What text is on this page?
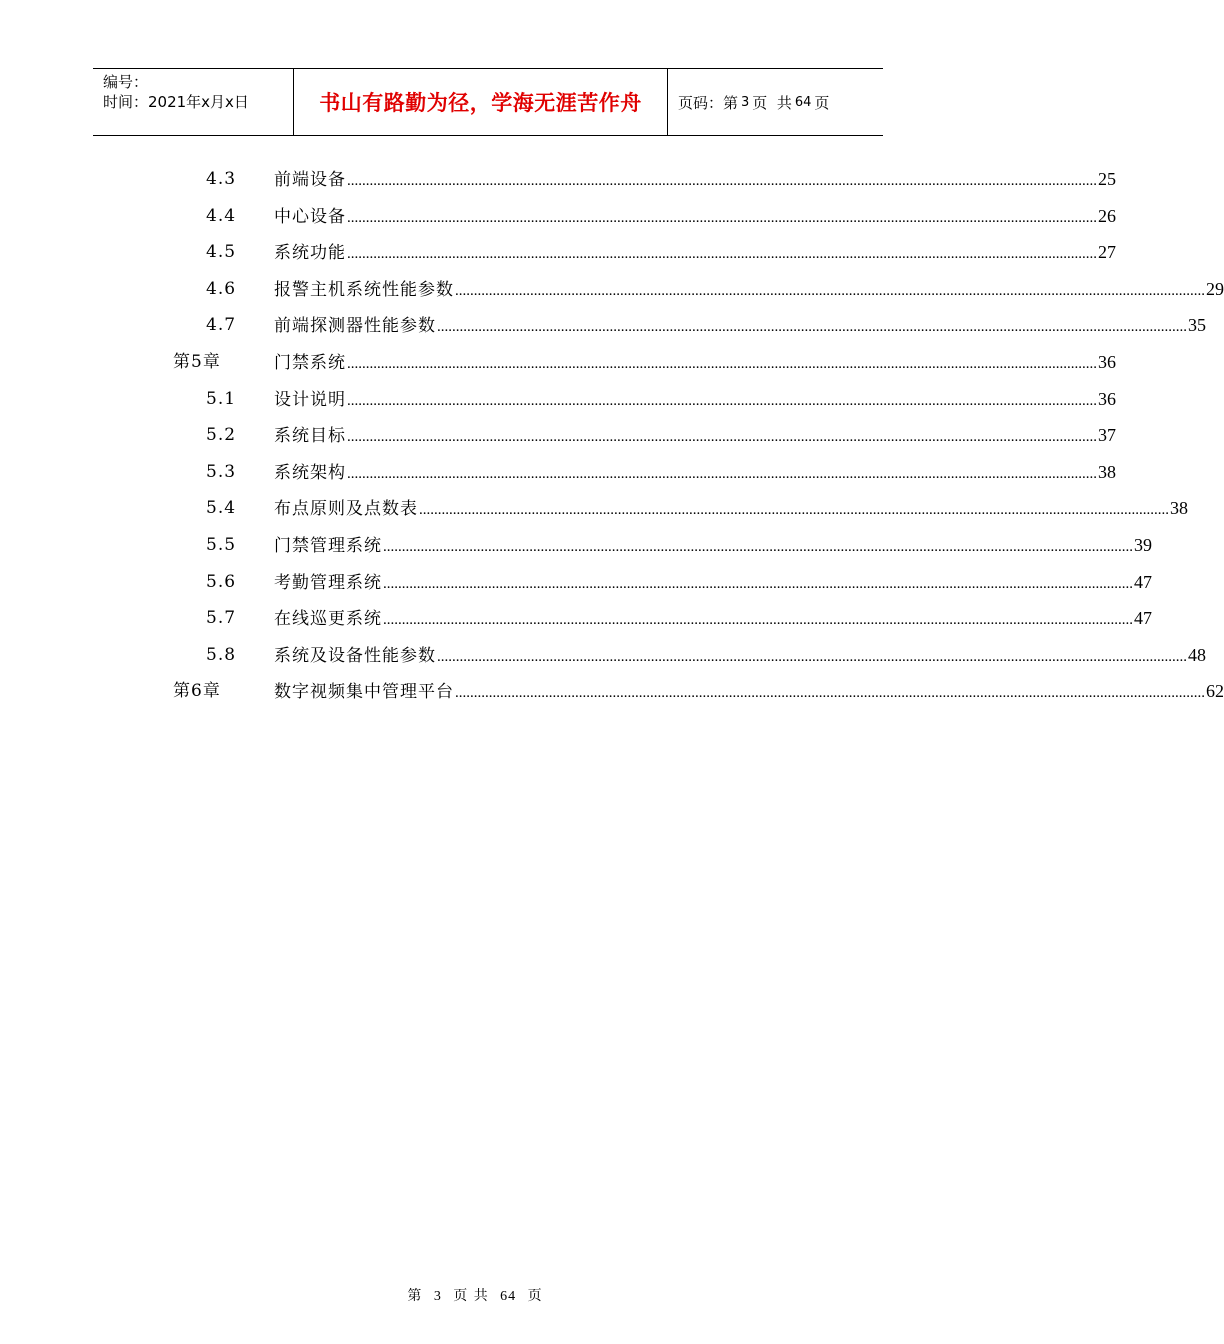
编号：
时间：2021年x月x日	书山有路勤为径，学海无涯苦作舟	页码：第 3 页  共 64 页
4.3 前端设备 ........................................................................................................................................................................................................ 25
4.4 中心设备 ........................................................................................................................................................................................................ 26
4.5 系统功能 ........................................................................................................................................................................................................ 27
4.6 报警主机系统性能参数 ........................................................................................................................................................................................................ 29
4.7 前端探测器性能参数 ........................................................................................................................................................................................................ 35
第5章	门禁系统 ........................................................................................................................................................................................................ 36
5.1 设计说明 ........................................................................................................................................................................................................ 36
5.2 系统目标 ........................................................................................................................................................................................................ 37
5.3 系统架构 ........................................................................................................................................................................................................ 38
5.4 布点原则及点数表 ........................................................................................................................................................................................................ 38
5.5 门禁管理系统 ........................................................................................................................................................................................................ 39
5.6 考勤管理系统 ........................................................................................................................................................................................................ 47
5.7 在线巡更系统 ........................................................................................................................................................................................................ 47
5.8 系统及设备性能参数 ........................................................................................................................................................................................................ 48
第6章	数字视频集中管理平台 ........................................................................................................................................................................................................ 62
第 3 页 共 64 页
